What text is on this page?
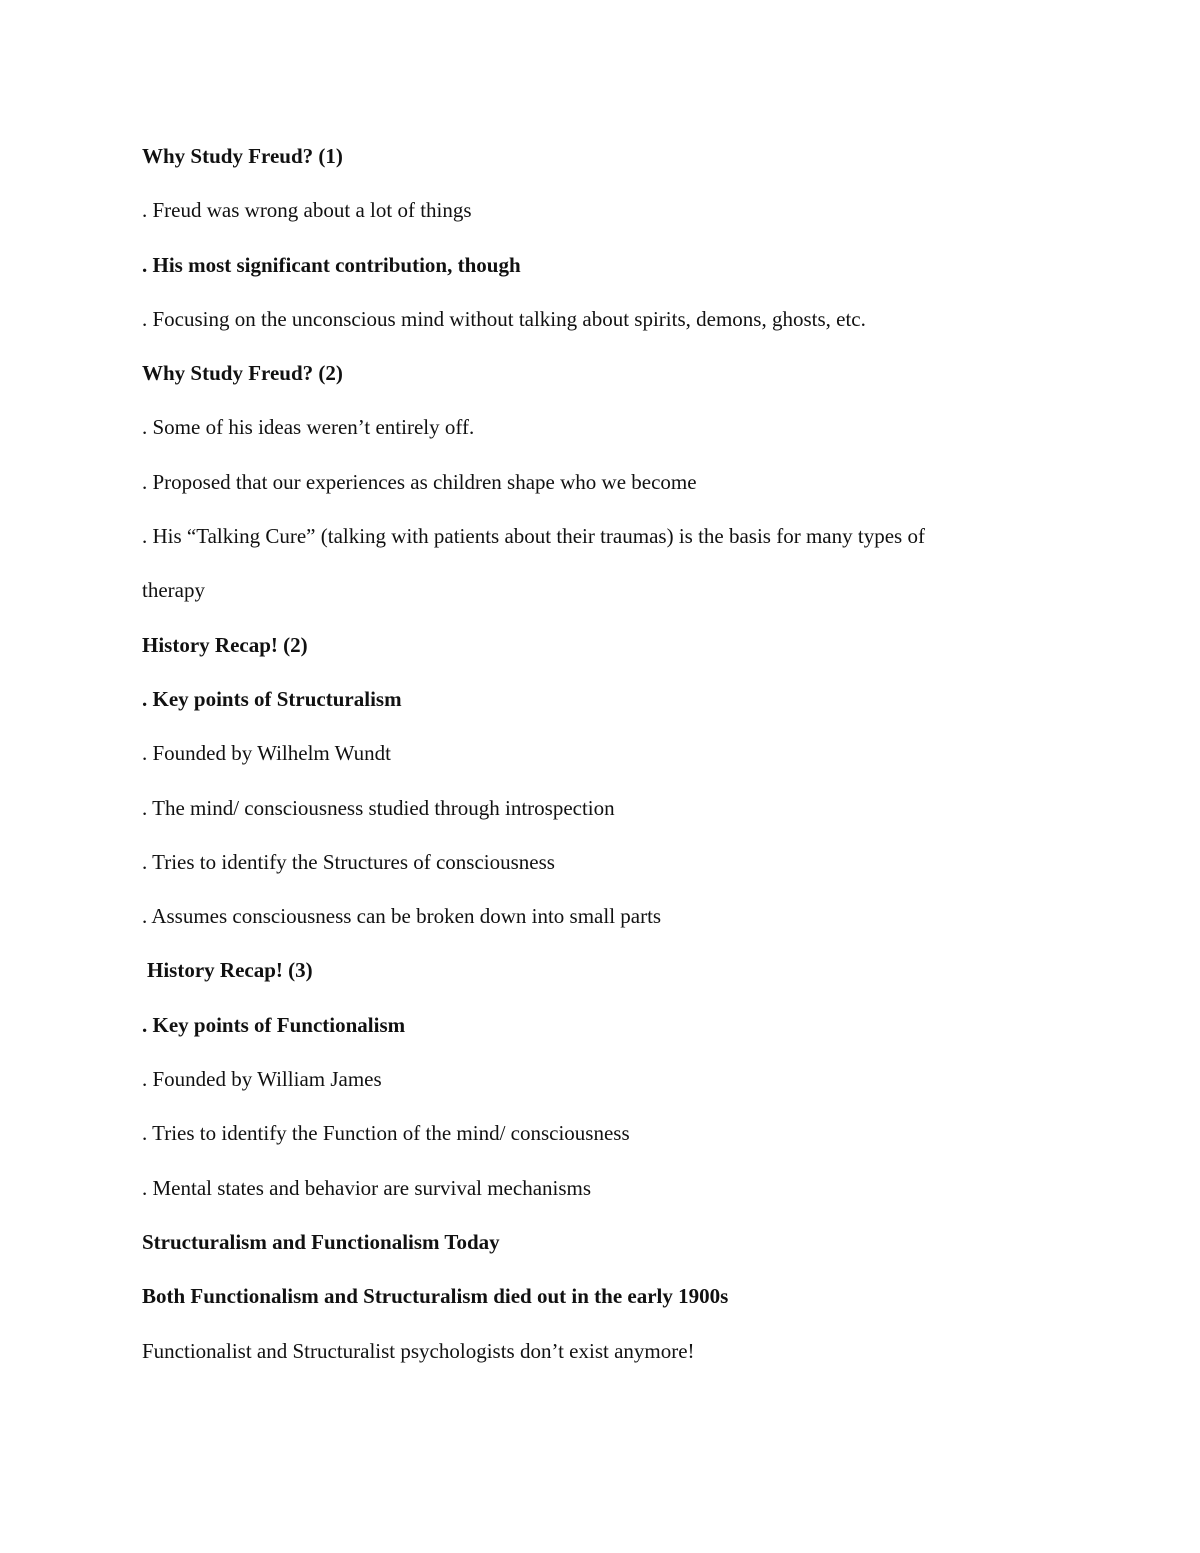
Why Study Freud? (1)
. Freud was wrong about a lot of things
. His most significant contribution, though
. Focusing on the unconscious mind without talking about spirits, demons, ghosts, etc.
Why Study Freud? (2)
. Some of his ideas weren’t entirely off.
. Proposed that our experiences as children shape who we become
. His “Talking Cure” (talking with patients about their traumas) is the basis for many types of
therapy
History Recap! (2)
. Key points of Structuralism
. Founded by Wilhelm Wundt
. The mind/ consciousness studied through introspection
. Tries to identify the Structures of consciousness
. Assumes consciousness can be broken down into small parts
History Recap! (3)
. Key points of Functionalism
. Founded by William James
. Tries to identify the Function of the mind/ consciousness
. Mental states and behavior are survival mechanisms
Structuralism and Functionalism Today
Both Functionalism and Structuralism died out in the early 1900s
Functionalist and Structuralist psychologists don’t exist anymore!
